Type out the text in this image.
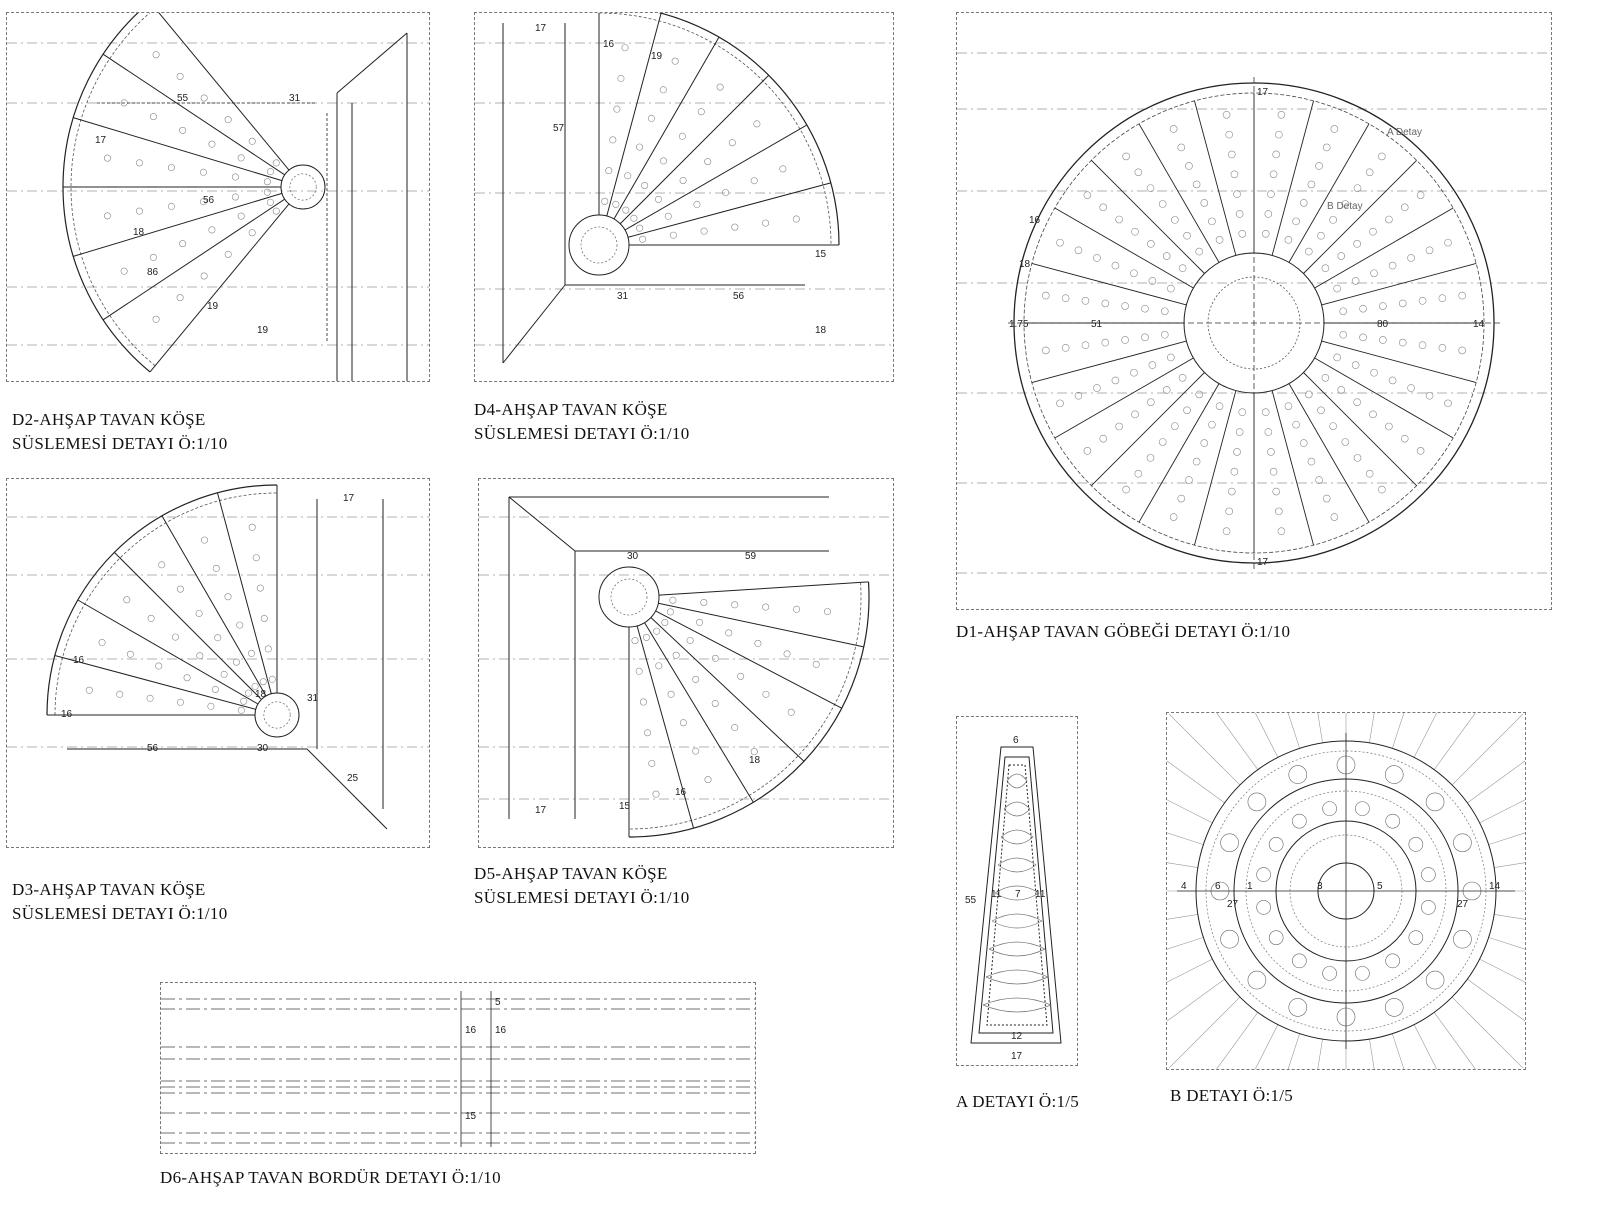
55	31
56
19
19
17
18
86
D2-AHŞAP TAVAN KÖŞE
SÜSLEMESİ DETAYI Ö:1/10
17
16
19
57
31	56
18
15
D4-AHŞAP TAVAN KÖŞE
SÜSLEMESİ DETAYI Ö:1/10
A Detay
B Detay
51	80
1.75	14
17
17
16
18
D1-AHŞAP TAVAN GÖBEĞİ DETAYI Ö:1/10
56	30
31
17
16
16
18
25
D3-AHŞAP TAVAN KÖŞE
SÜSLEMESİ DETAYI Ö:1/10
30	59
17	15
16
18
D5-AHŞAP TAVAN KÖŞE
SÜSLEMESİ DETAYI Ö:1/10
6
7
11	11
55
12
17
A DETAYI Ö:1/5
27	27
3	5
6	1
4	14
B DETAYI Ö:1/5
16 16
15
5
D6-AHŞAP TAVAN BORDÜR DETAYI Ö:1/10
